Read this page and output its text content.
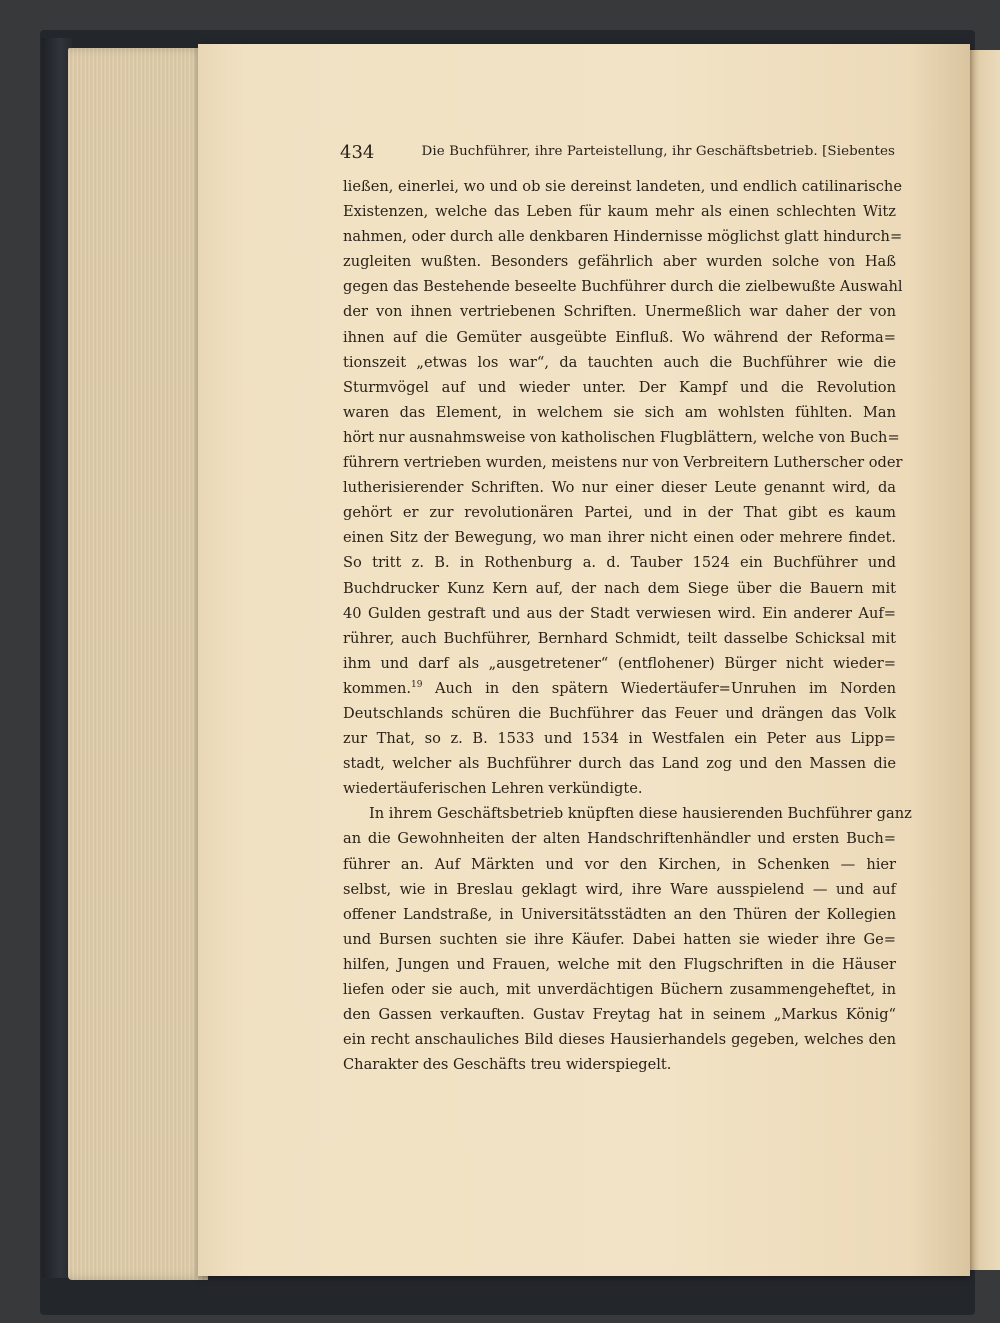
434	Die Buchführer, ihre Parteistellung, ihr Geschäftsbetrieb. [Siebentes
ließen, einerlei, wo und ob sie dereinst landeten, und endlich catilinarische
Existenzen, welche das Leben für kaum mehr als einen schlechten Witz
nahmen, oder durch alle denkbaren Hindernisse möglichst glatt hindurch=
zugleiten wußten. Besonders gefährlich aber wurden solche von Haß
gegen das Bestehende beseelte Buchführer durch die zielbewußte Auswahl
der von ihnen vertriebenen Schriften. Unermeßlich war daher der von
ihnen auf die Gemüter ausgeübte Einfluß. Wo während der Reforma=
tionszeit „etwas los war“, da tauchten auch die Buchführer wie die
Sturmvögel auf und wieder unter. Der Kampf und die Revolution
waren das Element, in welchem sie sich am wohlsten fühlten. Man
hört nur ausnahmsweise von katholischen Flugblättern, welche von Buch=
führern vertrieben wurden, meistens nur von Verbreitern Lutherscher oder
lutherisierender Schriften. Wo nur einer dieser Leute genannt wird, da
gehört er zur revolutionären Partei, und in der That gibt es kaum
einen Sitz der Bewegung, wo man ihrer nicht einen oder mehrere findet.
So tritt z. B. in Rothenburg a. d. Tauber 1524 ein Buchführer und
Buchdrucker Kunz Kern auf, der nach dem Siege über die Bauern mit
40 Gulden gestraft und aus der Stadt verwiesen wird. Ein anderer Auf=
rührer, auch Buchführer, Bernhard Schmidt, teilt dasselbe Schicksal mit
ihm und darf als „ausgetretener“ (entflohener) Bürger nicht wieder=
kommen.$^{19}$ Auch in den spätern Wiedertäufer=Unruhen im Norden
Deutschlands schüren die Buchführer das Feuer und drängen das Volk
zur That, so z. B. 1533 und 1534 in Westfalen ein Peter aus Lipp=
stadt, welcher als Buchführer durch das Land zog und den Massen die
wiedertäuferischen Lehren verkündigte.
In ihrem Geschäftsbetrieb knüpften diese hausierenden Buchführer ganz
an die Gewohnheiten der alten Handschriftenhändler und ersten Buch=
führer an. Auf Märkten und vor den Kirchen, in Schenken — hier
selbst, wie in Breslau geklagt wird, ihre Ware ausspielend — und auf
offener Landstraße, in Universitätsstädten an den Thüren der Kollegien
und Bursen suchten sie ihre Käufer. Dabei hatten sie wieder ihre Ge=
hilfen, Jungen und Frauen, welche mit den Flugschriften in die Häuser
liefen oder sie auch, mit unverdächtigen Büchern zusammengeheftet, in
den Gassen verkauften. Gustav Freytag hat in seinem „Markus König“
ein recht anschauliches Bild dieses Hausierhandels gegeben, welches den
Charakter des Geschäfts treu widerspiegelt.
